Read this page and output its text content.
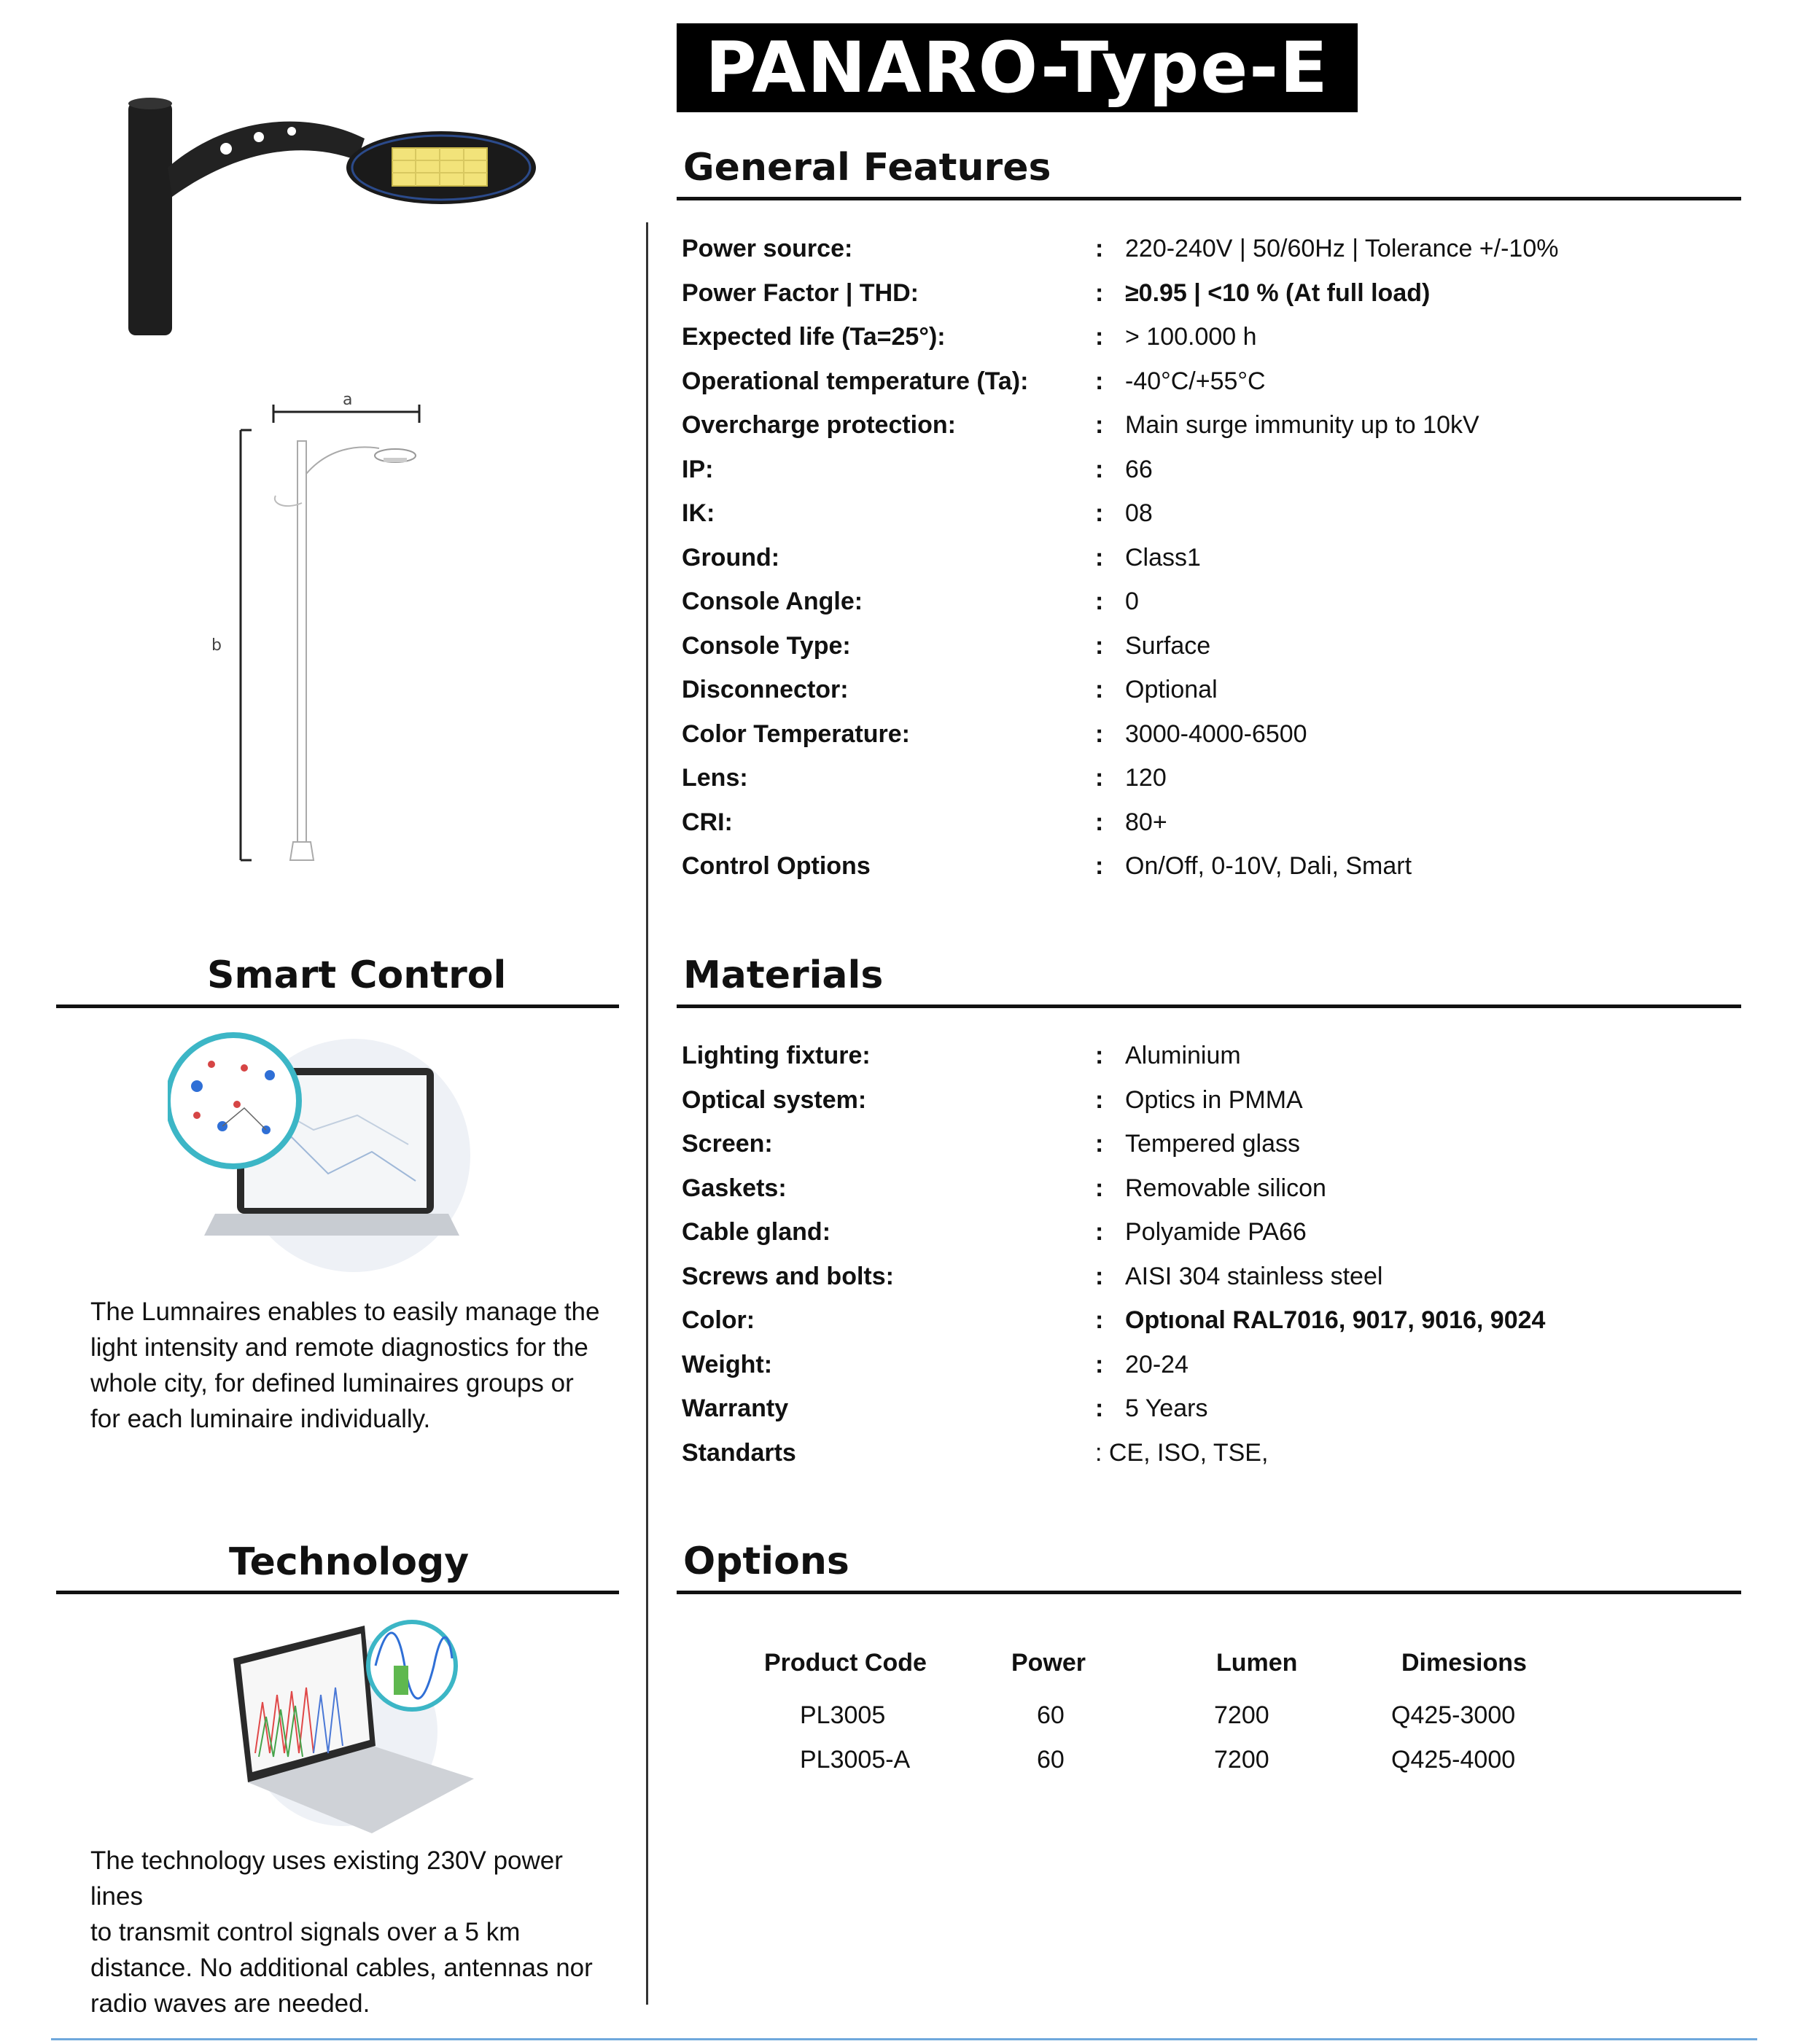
PANARO-Type-E
a
b
General Features
Power source:	: 220-240V | 50/60Hz | Tolerance +/-10%
Power Factor | THD:	: ≥0.95 | <10 % (At full load)
Expected life (Ta=25°):	: > 100.000 h
Operational temperature (Ta):	: -40°C/+55°C
Overcharge protection:	: Main surge immunity up to 10kV
IP:	: 66
IK:	: 08
Ground:	: Class1
Console Angle:	: 0
Console Type:	: Surface
Disconnector:	: Optional
Color Temperature:	: 3000-4000-6500
Lens:	: 120
CRI:	: 80+
Control Options	: On/Off, 0-10V, Dali, Smart
Materials
Lighting fixture:	: Aluminium
Optical system:	: Optics in PMMA
Screen:	: Tempered glass
Gaskets:	: Removable silicon
Cable gland:	: Polyamide PA66
Screws and bolts:	: AISI 304 stainless steel
Color:	: Optıonal RAL7016, 9017, 9016, 9024
Weight:	: 20-24
Warranty	: 5 Years
Standarts	: CE, ISO, TSE,
Options
Product Code	Power	Lumen	Dimesions
PL3005	60	7200	Q425-3000
PL3005-A	60	7200	Q425-4000
Smart Control
The Lumnaires enables to easily manage the
light intensity and remote diagnostics for the
whole city, for defined luminaires groups or
for each luminaire individually.
Technology
The technology uses existing 230V power lines
to transmit control signals over a 5 km
distance. No additional cables, antennas nor
radio waves are needed.
